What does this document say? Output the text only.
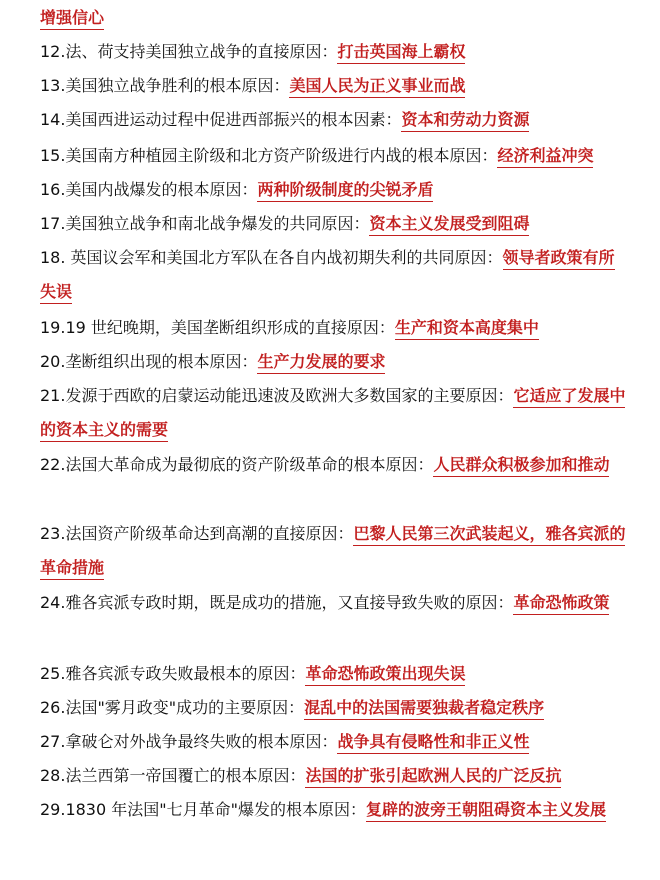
增强信心
12.法、荷支持美国独立战争的直接原因：打击英国海上霸权
13.美国独立战争胜利的根本原因：美国人民为正义事业而战
14.美国西进运动过程中促进西部振兴的根本因素：资本和劳动力资源
15.美国南方种植园主阶级和北方资产阶级进行内战的根本原因：经济利益冲突
16.美国内战爆发的根本原因：两种阶级制度的尖锐矛盾
17.美国独立战争和南北战争爆发的共同原因：资本主义发展受到阻碍
18. 英国议会军和美国北方军队在各自内战初期失利的共同原因：领导者政策有所失误
19.19 世纪晚期，美国垄断组织形成的直接原因：生产和资本高度集中
20.垄断组织出现的根本原因：生产力发展的要求
21.发源于西欧的启蒙运动能迅速波及欧洲大多数国家的主要原因：它适应了发展中的资本主义的需要
22.法国大革命成为最彻底的资产阶级革命的根本原因：人民群众积极参加和推动
23.法国资产阶级革命达到高潮的直接原因：巴黎人民第三次武装起义，雅各宾派的革命措施
24.雅各宾派专政时期，既是成功的措施，又直接导致失败的原因：革命恐怖政策
25.雅各宾派专政失败最根本的原因：革命恐怖政策出现失误
26.法国"雾月政变"成功的主要原因：混乱中的法国需要独裁者稳定秩序
27.拿破仑对外战争最终失败的根本原因：战争具有侵略性和非正义性
28.法兰西第一帝国覆亡的根本原因：法国的扩张引起欧洲人民的广泛反抗
29.1830 年法国"七月革命"爆发的根本原因：复辟的波旁王朝阻碍资本主义发展
